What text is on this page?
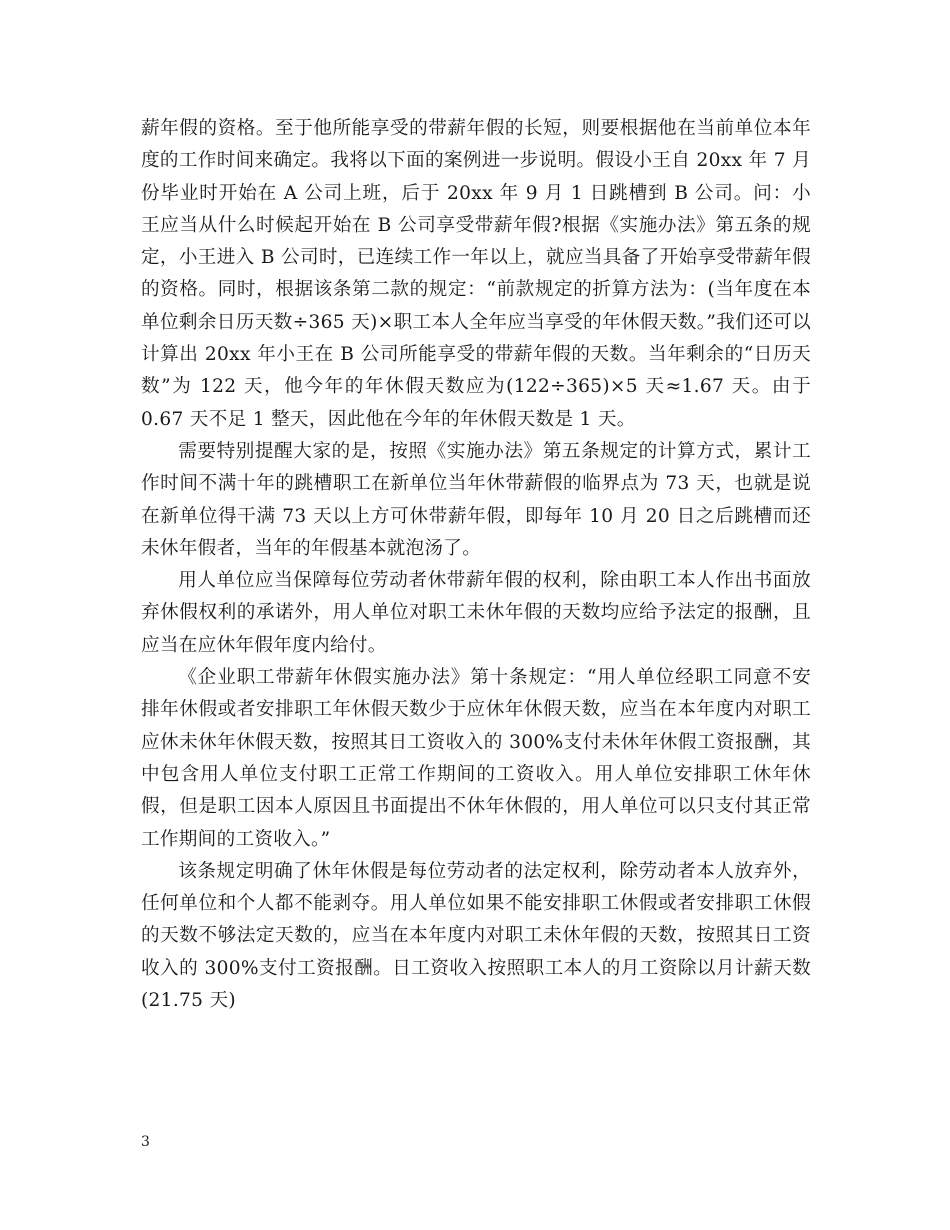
薪年假的资格。至于他所能享受的带薪年假的长短，则要根据他在当前单位本年度的工作时间来确定。我将以下面的案例进一步说明。假设小王自 20xx 年 7 月份毕业时开始在 A 公司上班，后于 20xx 年 9 月 1 日跳槽到 B 公司。问：小王应当从什么时候起开始在 B 公司享受带薪年假?根据《实施办法》第五条的规定，小王进入 B 公司时，已连续工作一年以上，就应当具备了开始享受带薪年假的资格。同时，根据该条第二款的规定：“前款规定的折算方法为：(当年度在本单位剩余日历天数÷365 天)×职工本人全年应当享受的年休假天数。”我们还可以计算出 20xx 年小王在 B 公司所能享受的带薪年假的天数。当年剩余的“日历天数”为 122 天，他今年的年休假天数应为(122÷365)×5 天≈1.67 天。由于 0.67 天不足 1 整天，因此他在今年的年休假天数是 1 天。

需要特别提醒大家的是，按照《实施办法》第五条规定的计算方式，累计工作时间不满十年的跳槽职工在新单位当年休带薪假的临界点为 73 天，也就是说在新单位得干满 73 天以上方可休带薪年假，即每年 10 月 20 日之后跳槽而还未休年假者，当年的年假基本就泡汤了。

用人单位应当保障每位劳动者休带薪年假的权利，除由职工本人作出书面放弃休假权利的承诺外，用人单位对职工未休年假的天数均应给予法定的报酬，且应当在应休年假年度内给付。

《企业职工带薪年休假实施办法》第十条规定：“用人单位经职工同意不安排年休假或者安排职工年休假天数少于应休年休假天数，应当在本年度内对职工应休未休年休假天数，按照其日工资收入的 300%支付未休年休假工资报酬，其中包含用人单位支付职工正常工作期间的工资收入。用人单位安排职工休年休假，但是职工因本人原因且书面提出不休年休假的，用人单位可以只支付其正常工作期间的工资收入。”

该条规定明确了休年休假是每位劳动者的法定权利，除劳动者本人放弃外，任何单位和个人都不能剥夺。用人单位如果不能安排职工休假或者安排职工休假的天数不够法定天数的，应当在本年度内对职工未休年假的天数，按照其日工资收入的 300%支付工资报酬。日工资收入按照职工本人的月工资除以月计薪天数 (21.75 天)

3
